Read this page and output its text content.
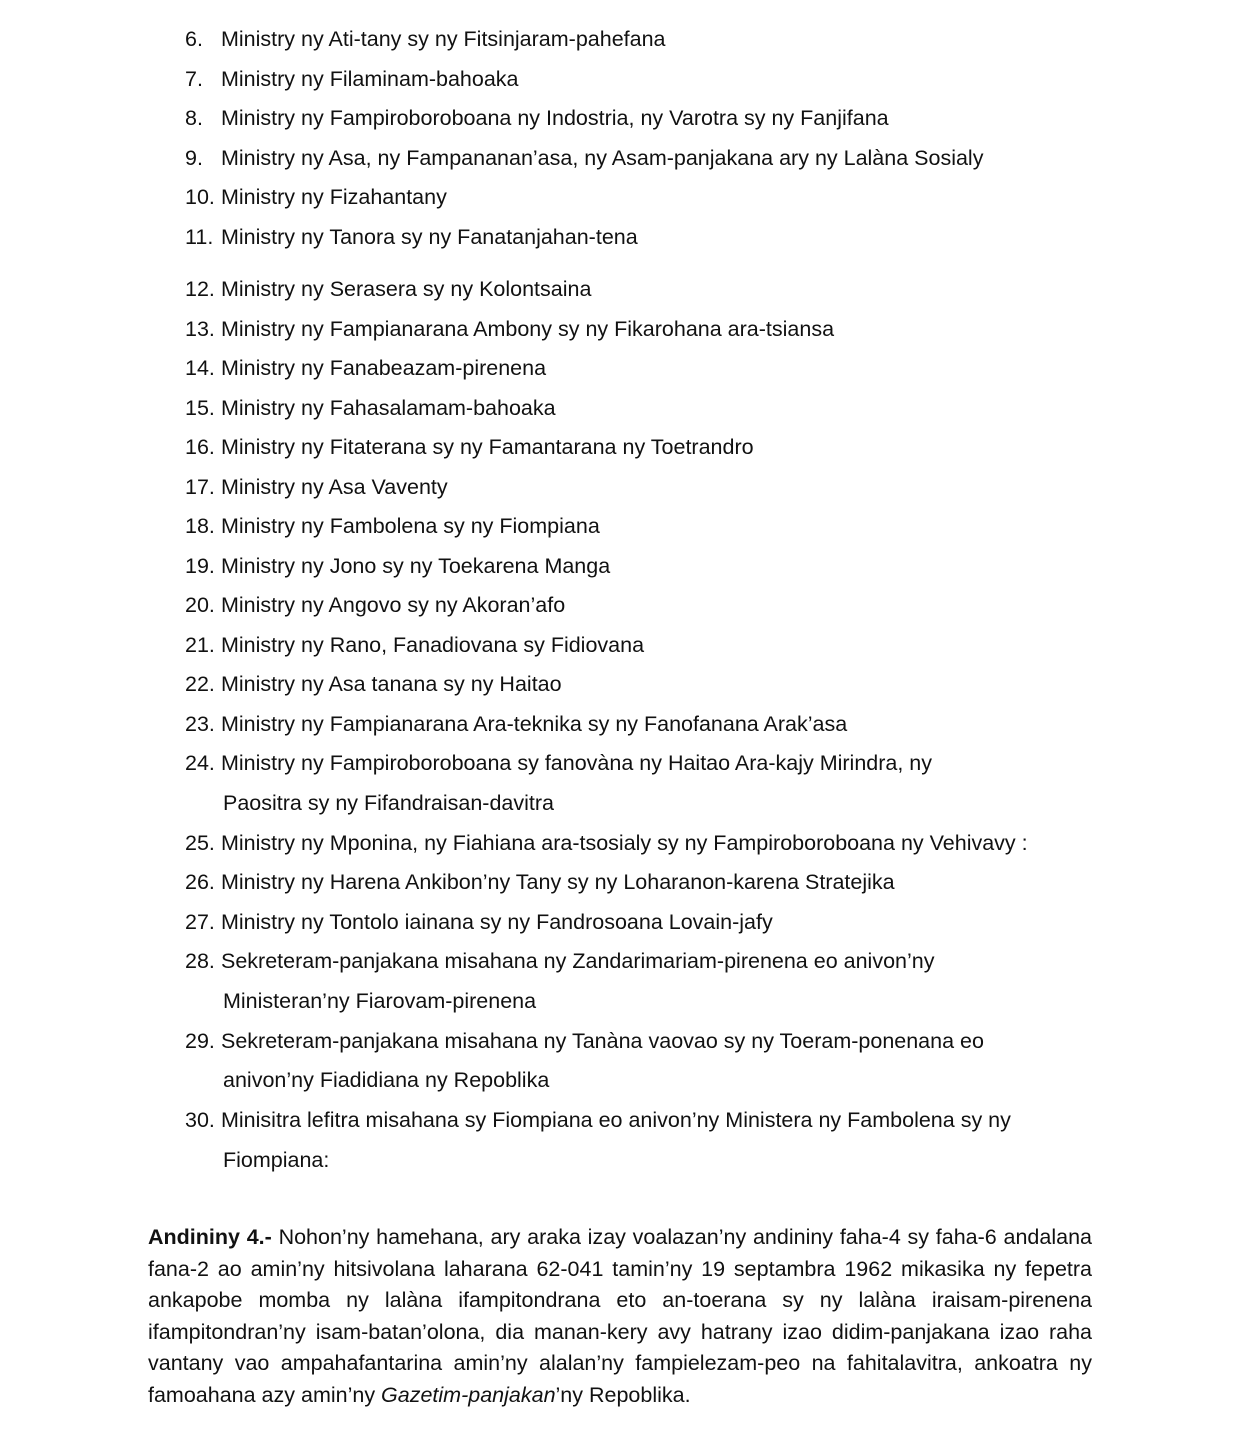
6. Ministry ny Ati-tany sy ny Fitsinjaram-pahefana
7. Ministry ny Filaminam-bahoaka
8. Ministry ny Fampiroboroboana ny Indostria, ny Varotra sy ny Fanjifana
9. Ministry ny Asa, ny Fampananan’asa, ny Asam-panjakana ary ny Lalàna Sosialy
10. Ministry ny Fizahantany
11. Ministry ny Tanora sy ny Fanatanjahan-tena
12. Ministry ny Serasera sy ny Kolontsaina
13. Ministry ny Fampianarana Ambony sy ny Fikarohana ara-tsiansa
14. Ministry ny Fanabeazam-pirenena
15. Ministry ny Fahasalamam-bahoaka
16. Ministry ny Fitaterana sy ny Famantarana ny Toetrandro
17. Ministry ny Asa Vaventy
18. Ministry ny Fambolena sy ny Fiompiana
19. Ministry ny Jono sy ny Toekarena Manga
20. Ministry ny Angovo sy ny Akoran’afo
21. Ministry ny Rano, Fanadiovana sy Fidiovana
22. Ministry ny Asa tanana sy ny Haitao
23. Ministry ny Fampianarana Ara-teknika sy ny Fanofanana Arak’asa
24. Ministry ny Fampiroboroboana sy fanovàna ny Haitao Ara-kajy Mirindra, ny
Paositra sy ny Fifandraisan-davitra
25. Ministry ny Mponina, ny Fiahiana ara-tsosialy sy ny Fampiroboroboana ny Vehivavy :
26. Ministry ny Harena Ankibon’ny Tany sy ny Loharanon-karena Stratejika
27. Ministry ny Tontolo iainana sy ny Fandrosoana Lovain-jafy
28. Sekreteram-panjakana misahana ny Zandarimariam-pirenena eo anivon’ny
Ministeran’ny Fiarovam-pirenena
29. Sekreteram-panjakana misahana ny Tanàna vaovao sy ny Toeram-ponenana eo
anivon’ny Fiadidiana ny Repoblika
30. Minisitra lefitra misahana sy Fiompiana eo anivon’ny Ministera ny Fambolena sy ny
Fiompiana:
Andininy 4.- Nohon’ny hamehana, ary araka izay voalazan’ny andininy faha-4 sy faha-6 andalana fana-2 ao amin’ny hitsivolana laharana 62-041 tamin’ny 19 septambra 1962 mikasika ny fepetra ankapobe momba ny lalàna ifampitondrana eto an-toerana sy ny lalàna iraisam-pirenena ifampitondran’ny isam-batan’olona, dia manan-kery avy hatrany izao didim-panjakana izao raha vantany vao ampahafantarina amin’ny alalan’ny fampielezam-peo na fahitalavitra, ankoatra ny famoahana azy amin’ny Gazetim-panjakan’ny Repoblika.
